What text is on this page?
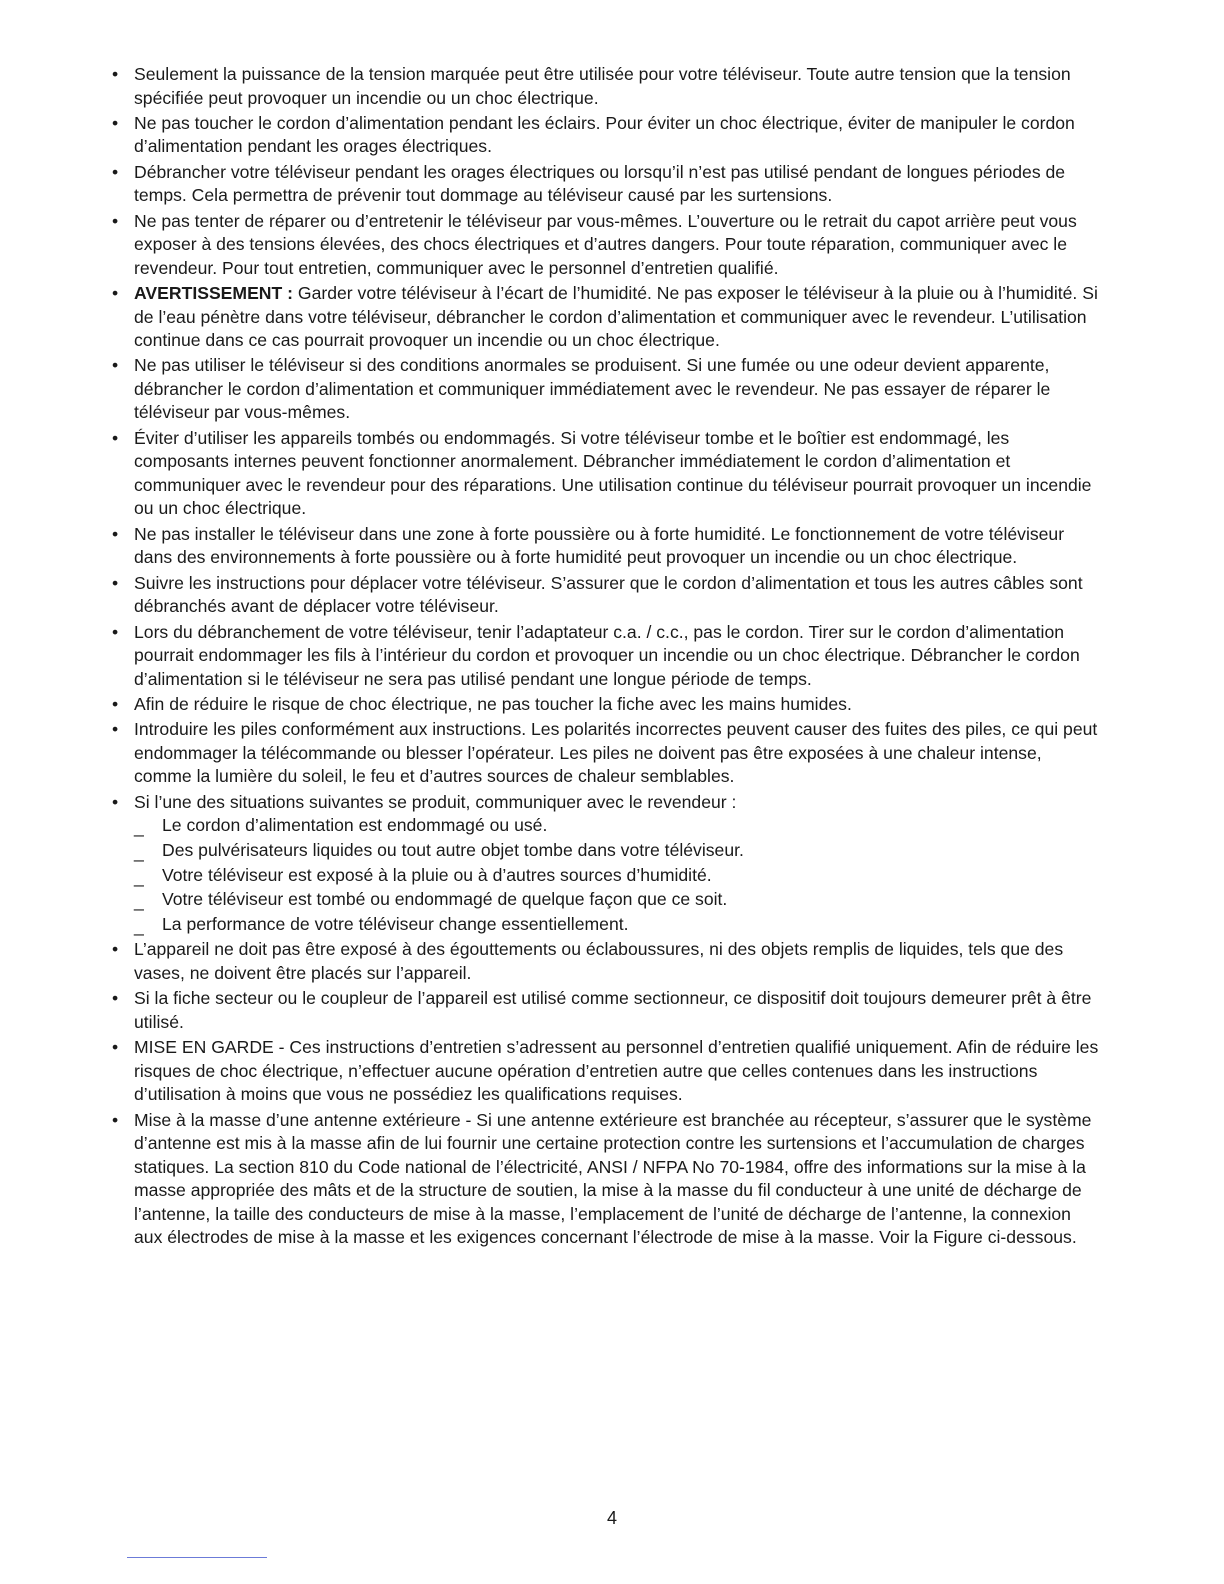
• Seulement la puissance de la tension marquée peut être utilisée pour votre téléviseur. Toute autre tension que la tension spécifiée peut provoquer un incendie ou un choc électrique.
• Ne pas toucher le cordon d’alimentation pendant les éclairs. Pour éviter un choc électrique, éviter de manipuler le cordon d’alimentation pendant les orages électriques.
• Débrancher votre téléviseur pendant les orages électriques ou lorsqu’il n’est pas utilisé pendant de longues périodes de temps. Cela permettra de prévenir tout dommage au téléviseur causé par les surtensions.
• Ne pas tenter de réparer ou d’entretenir le téléviseur par vous-mêmes. L’ouverture ou le retrait du capot arrière peut vous exposer à des tensions élevées, des chocs électriques et d’autres dangers. Pour toute réparation, communiquer avec le revendeur. Pour tout entretien, communiquer avec le personnel d’entretien qualifié.
• AVERTISSEMENT : Garder votre téléviseur à l’écart de l’humidité. Ne pas exposer le téléviseur à la pluie ou à l’humidité. Si de l’eau pénètre dans votre téléviseur, débrancher le cordon d’alimentation et communiquer avec le revendeur. L’utilisation continue dans ce cas pourrait provoquer un incendie ou un choc électrique.
• Ne pas utiliser le téléviseur si des conditions anormales se produisent. Si une fumée ou une odeur devient apparente, débrancher le cordon d’alimentation et communiquer immédiatement avec le revendeur. Ne pas essayer de réparer le téléviseur par vous-mêmes.
• Éviter d’utiliser les appareils tombés ou endommagés. Si votre téléviseur tombe et le boîtier est endommagé, les composants internes peuvent fonctionner anormalement. Débrancher immédiatement le cordon d’alimentation et communiquer avec le revendeur pour des réparations. Une utilisation continue du téléviseur pourrait provoquer un incendie ou un choc électrique.
• Ne pas installer le téléviseur dans une zone à forte poussière ou à forte humidité. Le fonctionnement de votre téléviseur dans des environnements à forte poussière ou à forte humidité peut provoquer un incendie ou un choc électrique.
• Suivre les instructions pour déplacer votre téléviseur. S’assurer que le cordon d’alimentation et tous les autres câbles sont débranchés avant de déplacer votre téléviseur.
• Lors du débranchement de votre téléviseur, tenir l’adaptateur c.a. / c.c., pas le cordon. Tirer sur le cordon d’alimentation pourrait endommager les fils à l’intérieur du cordon et provoquer un incendie ou un choc électrique. Débrancher le cordon d’alimentation si le téléviseur ne sera pas utilisé pendant une longue période de temps.
• Afin de réduire le risque de choc électrique, ne pas toucher la fiche avec les mains humides.
• Introduire les piles conformément aux instructions. Les polarités incorrectes peuvent causer des fuites des piles, ce qui peut endommager la télécommande ou blesser l’opérateur. Les piles ne doivent pas être exposées à une chaleur intense, comme la lumière du soleil, le feu et d’autres sources de chaleur semblables.
• Si l’une des situations suivantes se produit, communiquer avec le revendeur :
_ Le cordon d’alimentation est endommagé ou usé.
_ Des pulvérisateurs liquides ou tout autre objet tombe dans votre téléviseur.
_ Votre téléviseur est exposé à la pluie ou à d’autres sources d’humidité.
_ Votre téléviseur est tombé ou endommagé de quelque façon que ce soit.
_ La performance de votre téléviseur change essentiellement.
• L’appareil ne doit pas être exposé à des égouttements ou éclaboussures, ni des objets remplis de liquides, tels que des vases, ne doivent être placés sur l’appareil.
• Si la fiche secteur ou le coupleur de l’appareil est utilisé comme sectionneur, ce dispositif doit toujours demeurer prêt à être utilisé.
• MISE EN GARDE - Ces instructions d’entretien s’adressent au personnel d’entretien qualifié uniquement. Afin de réduire les risques de choc électrique, n’effectuer aucune opération d’entretien autre que celles contenues dans les instructions d’utilisation à moins que vous ne possédiez les qualifications requises.
• Mise à la masse d’une antenne extérieure - Si une antenne extérieure est branchée au récepteur, s’assurer que le système d’antenne est mis à la masse afin de lui fournir une certaine protection contre les surtensions et l’accumulation de charges statiques. La section 810 du Code national de l’électricité, ANSI / NFPA No 70-1984, offre des informations sur la mise à la masse appropriée des mâts et de la structure de soutien, la mise à la masse du fil conducteur à une unité de décharge de l’antenne, la taille des conducteurs de mise à la masse, l’emplacement de l’unité de décharge de l’antenne, la connexion aux électrodes de mise à la masse et les exigences concernant l’électrode de mise à la masse. Voir la Figure ci-dessous.
4
